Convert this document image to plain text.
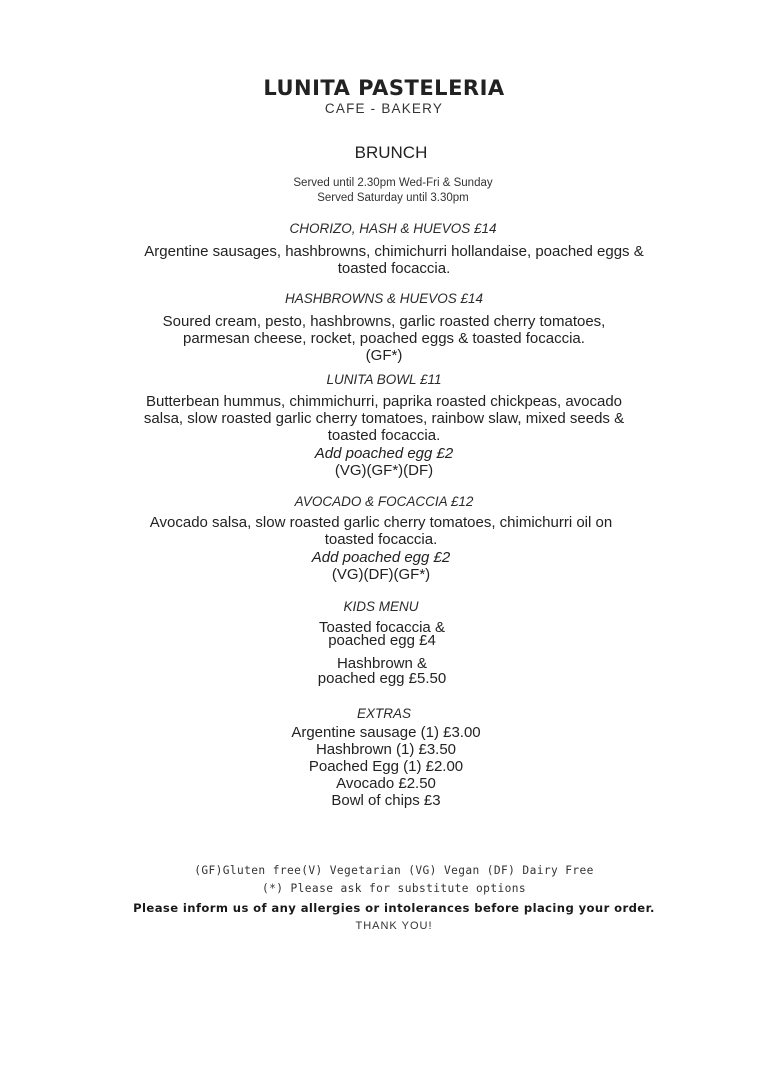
LUNITA PASTELERIA
CAFE - BAKERY
BRUNCH
Served until 2.30pm Wed-Fri & Sunday
Served Saturday until 3.30pm
CHORIZO, HASH & HUEVOS £14
Argentine sausages, hashbrowns, chimichurri hollandaise, poached eggs &
toasted focaccia.
HASHBROWNS & HUEVOS £14
Soured cream, pesto, hashbrowns, garlic roasted cherry tomatoes,
parmesan cheese, rocket, poached eggs & toasted focaccia.
(GF*)
LUNITA BOWL £11
Butterbean hummus, chimmichurri, paprika roasted chickpeas, avocado
salsa, slow roasted garlic cherry tomatoes, rainbow slaw, mixed seeds &
toasted focaccia.
Add poached egg £2
(VG)(GF*)(DF)
AVOCADO & FOCACCIA £12
Avocado salsa, slow roasted garlic cherry tomatoes, chimichurri oil on
toasted focaccia.
Add poached egg £2
(VG)(DF)(GF*)
KIDS MENU
Toasted focaccia &
poached egg £4
Hashbrown &
poached egg £5.50
EXTRAS
Argentine sausage (1) £3.00
Hashbrown (1) £3.50
Poached Egg (1) £2.00
Avocado £2.50
Bowl of chips £3
(GF)Gluten free(V) Vegetarian (VG) Vegan (DF) Dairy Free
(*) Please ask for substitute options
Please inform us of any allergies or intolerances before placing your order.
THANK YOU!
